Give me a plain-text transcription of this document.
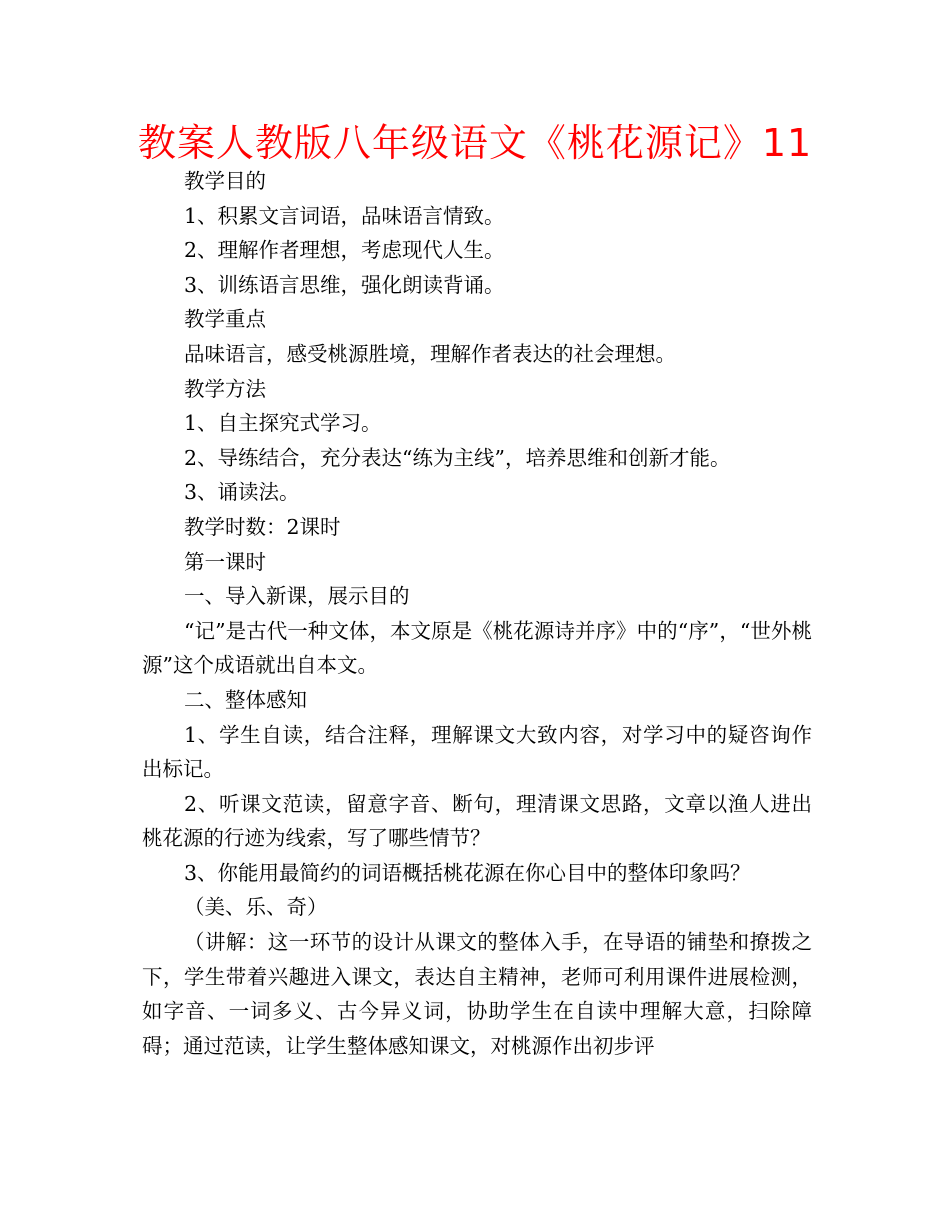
教案人教版八年级语文《桃花源记》11

教学目的

1、积累文言词语，品味语言情致。

2、理解作者理想，考虑现代人生。

3、训练语言思维，强化朗读背诵。

教学重点

品味语言，感受桃源胜境，理解作者表达的社会理想。

教学方法

1、自主探究式学习。

2、导练结合，充分表达“练为主线”，培养思维和创新才能。

3、诵读法。

教学时数：2课时

第一课时

一、导入新课，展示目的

“记”是古代一种文体，本文原是《桃花源诗并序》中的“序”，“世外桃源”这个成语就出自本文。

二、整体感知

1、学生自读，结合注释，理解课文大致内容，对学习中的疑咨询作出标记。

2、听课文范读，留意字音、断句，理清课文思路，文章以渔人进出桃花源的行迹为线索，写了哪些情节？

3、你能用最简约的词语概括桃花源在你心目中的整体印象吗？

（美、乐、奇）

（讲解：这一环节的设计从课文的整体入手，在导语的铺垫和撩拨之下，学生带着兴趣进入课文，表达自主精神，老师可利用课件进展检测，如字音、一词多义、古今异义词，协助学生在自读中理解大意，扫除障碍；通过范读，让学生整体感知课文，对桃源作出初步评
